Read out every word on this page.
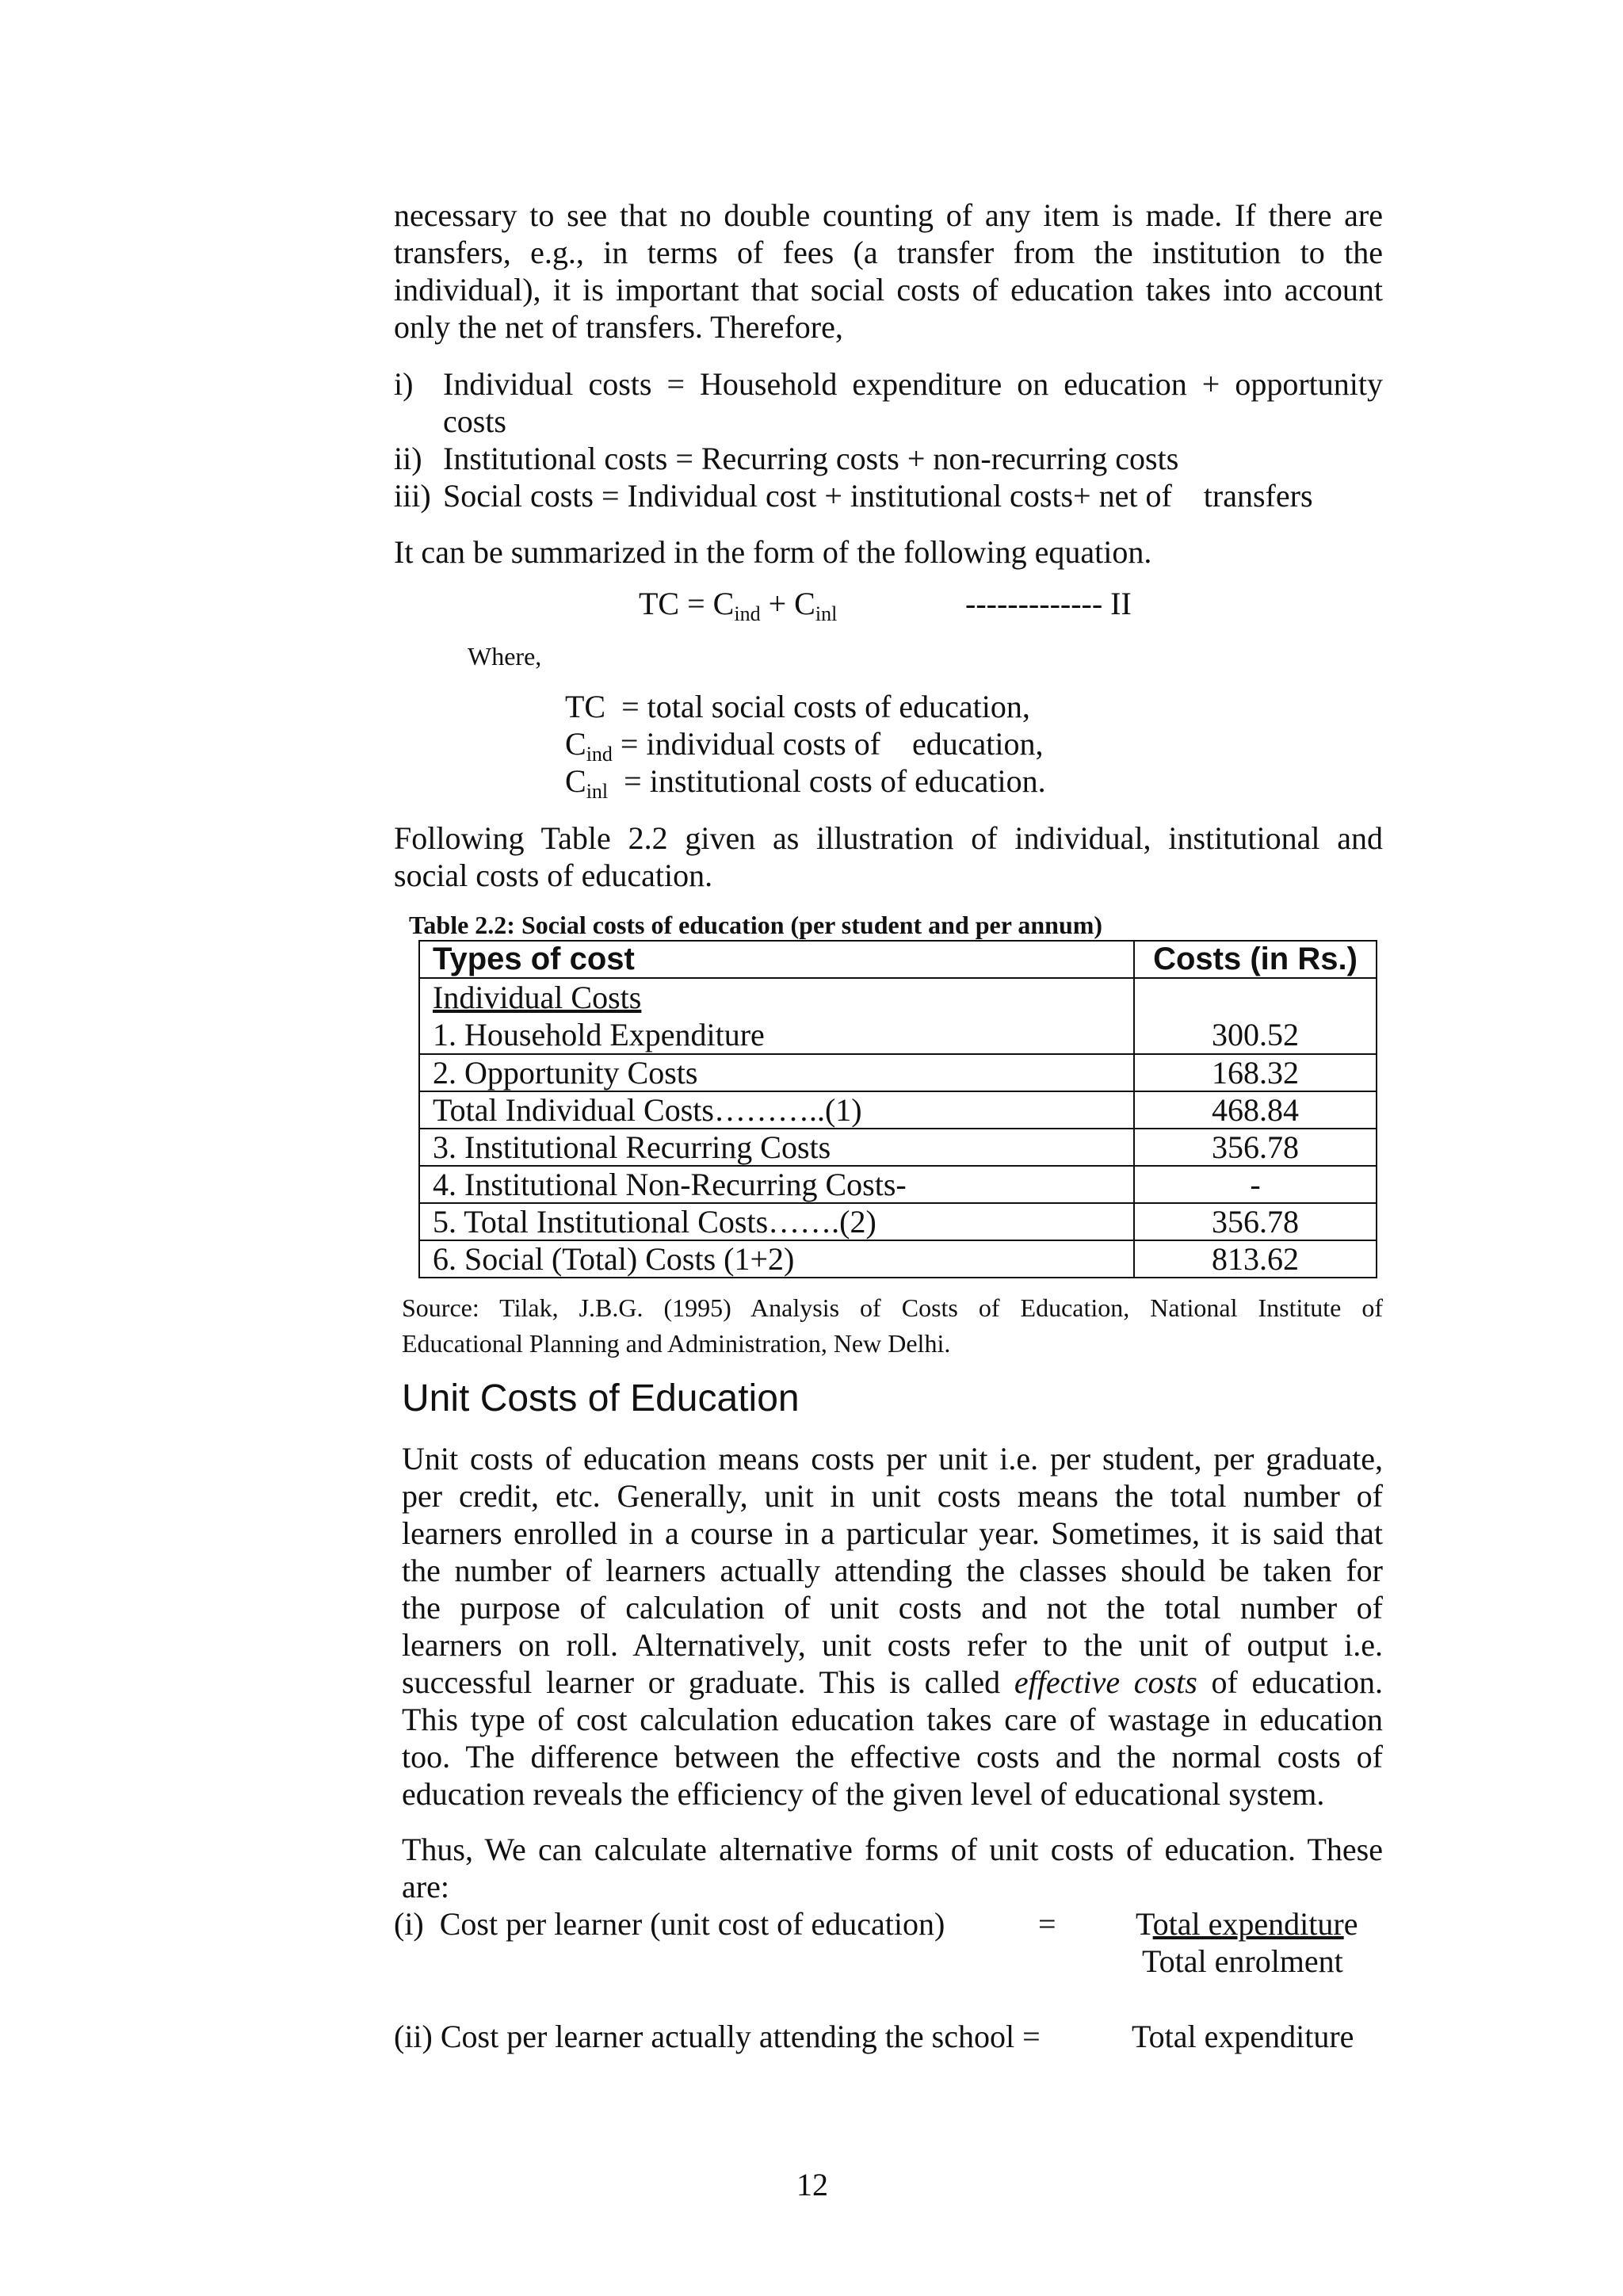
necessary to see that no double counting of any item is made. If there are
transfers, e.g., in terms of fees (a transfer from the institution to the
individual), it is important that social costs of education takes into account
only the net of transfers. Therefore,
i) Individual costs = Household expenditure on education + opportunity
costs
ii) Institutional costs = Recurring costs + non-recurring costs
iii) Social costs = Individual cost + institutional costs+ net of    transfers
It can be summarized in the form of the following equation.
TC = $C_{ind} + C_{inl}$	------------- II
Where,
TC  = total social costs of education,
$C_{ind}$ = individual costs of    education,
$C_{inl}$  = institutional costs of education.
Following Table 2.2 given as illustration of individual, institutional and
social costs of education.
Table 2.2: Social costs of education (per student and per annum)
Types of cost	Costs (in Rs.)

Individual Costs
1. Household Expenditure	300.52

2. Opportunity Costs	168.32
Total Individual Costs………..(1)	468.84
3. Institutional Recurring Costs	356.78
4. Institutional Non-Recurring Costs-	-
5. Total Institutional Costs…….(2)	356.78
6. Social (Total) Costs (1+2)	813.62
Source: Tilak, J.B.G. (1995) Analysis of Costs of Education, National Institute of
Educational Planning and Administration, New Delhi.
Unit Costs of Education
Unit costs of education means costs per unit i.e. per student, per graduate,
per credit, etc. Generally, unit in unit costs means the total number of
learners enrolled in a course in a particular year. Sometimes, it is said that
the number of learners actually attending the classes should be taken for
the purpose of calculation of unit costs and not the total number of
learners on roll. Alternatively, unit costs refer to the unit of output i.e.
successful learner or graduate. This is called effective costs of education.
This type of cost calculation education takes care of wastage in education
too. The difference between the effective costs and the normal costs of
education reveals the efficiency of the given level of educational system.
Thus, We can calculate alternative forms of unit costs of education. These
are:
(i)  Cost per learner (unit cost of education)	=	Total expenditure
Total enrolment
(ii) Cost per learner actually attending the school =	Total expenditure
12
